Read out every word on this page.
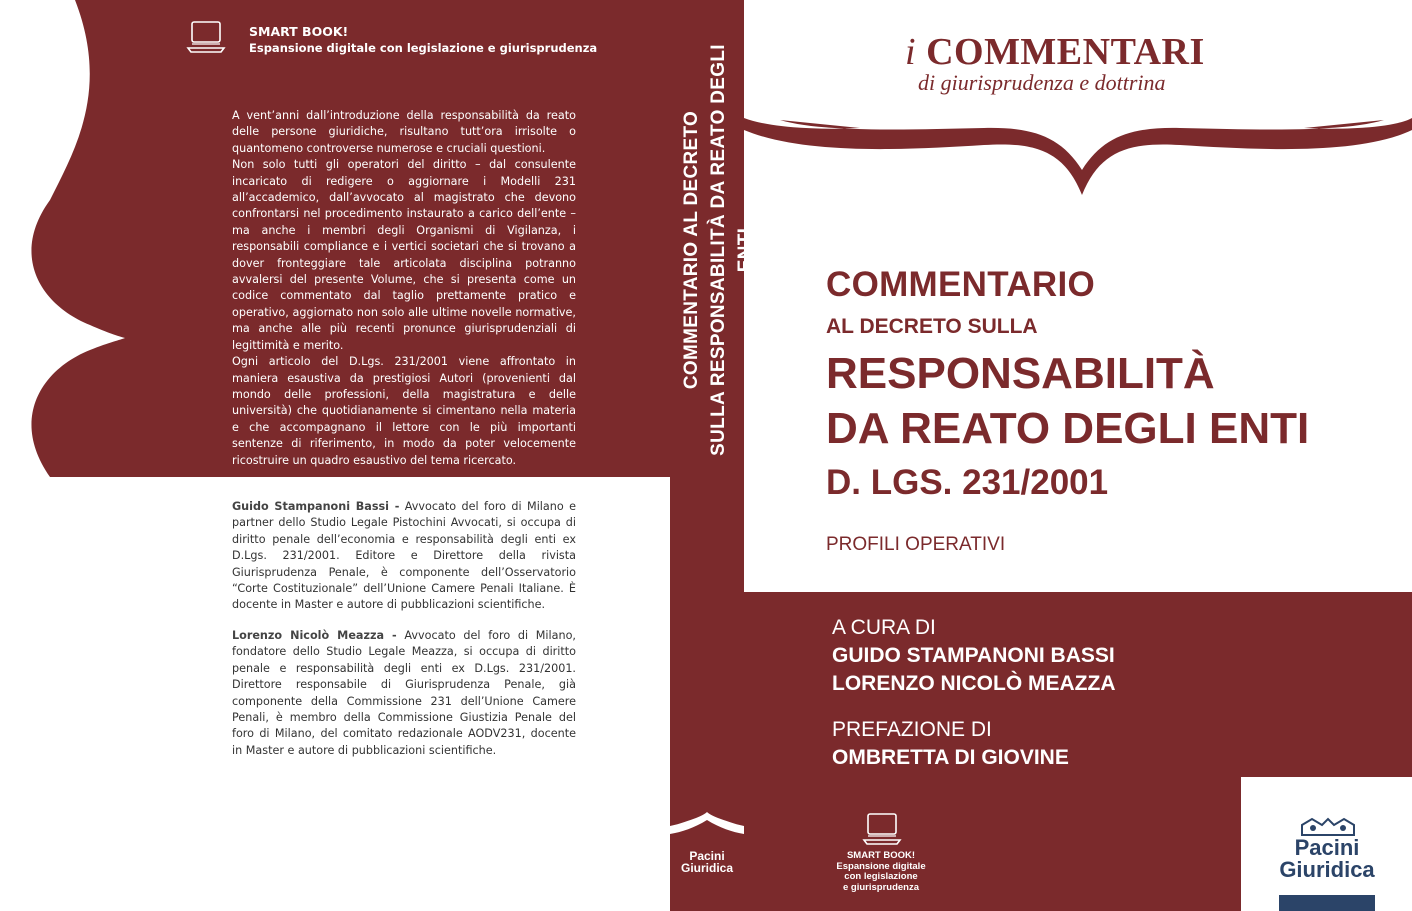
SMART BOOK!
Espansione digitale con legislazione e giurisprudenza

A vent’anni dall’introduzione della responsabilità da reato delle persone giuridiche, risultano tutt’ora irrisolte o quantomeno controverse numerose e cruciali questioni.

Non solo tutti gli operatori del diritto – dal consulente incaricato di redigere o aggiornare i Modelli 231 all’accademico, dall’avvocato al magistrato che devono confrontarsi nel procedimento instaurato a carico dell’ente – ma anche i membri degli Organismi di Vigilanza, i responsabili compliance e i vertici societari che si trovano a dover fronteggiare tale articolata disciplina potranno avvalersi del presente Volume, che si presenta come un codice commentato dal taglio prettamente pratico e operativo, aggiornato non solo alle ultime novelle normative, ma anche alle più recenti pronunce giurisprudenziali di legittimità e merito.

Ogni articolo del D.Lgs. 231/2001 viene affrontato in maniera esaustiva da prestigiosi Autori (provenienti dal mondo delle professioni, della magistratura e delle università) che quotidianamente si cimentano nella materia e che accompagnano il lettore con le più importanti sentenze di riferimento, in modo da poter velocemente ricostruire un quadro esaustivo del tema ricercato.

Guido Stampanoni Bassi - Avvocato del foro di Milano e partner dello Studio Legale Pistochini Avvocati, si occupa di diritto penale dell’economia e responsabilità degli enti ex D.Lgs. 231/2001. Editore e Direttore della rivista Giurisprudenza Penale, è componente dell’Osservatorio “Corte Costituzionale” dell’Unione Camere Penali Italiane. È docente in Master e autore di pubblicazioni scientifiche.

Lorenzo Nicolò Meazza - Avvocato del foro di Milano, fondatore dello Studio Legale Meazza, si occupa di diritto penale e responsabilità degli enti ex D.Lgs. 231/2001. Direttore responsabile di Giurisprudenza Penale, già componente della Commissione 231 dell’Unione Camere Penali, è membro della Commissione Giustizia Penale del foro di Milano, del comitato redazionale AODV231, docente in Master e autore di pubblicazioni scientifiche.

COMMENTARIO AL DECRETO SULLA RESPONSABILITÀ DA REATO DEGLI ENTI
Pacini
Giuridica
i COMMENTARI
di giurisprudenza e dottrina
COMMENTARIO
AL DECRETO SULLA
RESPONSABILITÀ
DA REATO DEGLI ENTI
D. LGS. 231/2001
PROFILI OPERATIVI
A CURA DI
GUIDO STAMPANONI BASSI
LORENZO NICOLÒ MEAZZA
PREFAZIONE DI
OMBRETTA DI GIOVINE
SMART BOOK!
Espansione digitale
con legislazione
e giurisprudenza
Pacini
Giuridica
